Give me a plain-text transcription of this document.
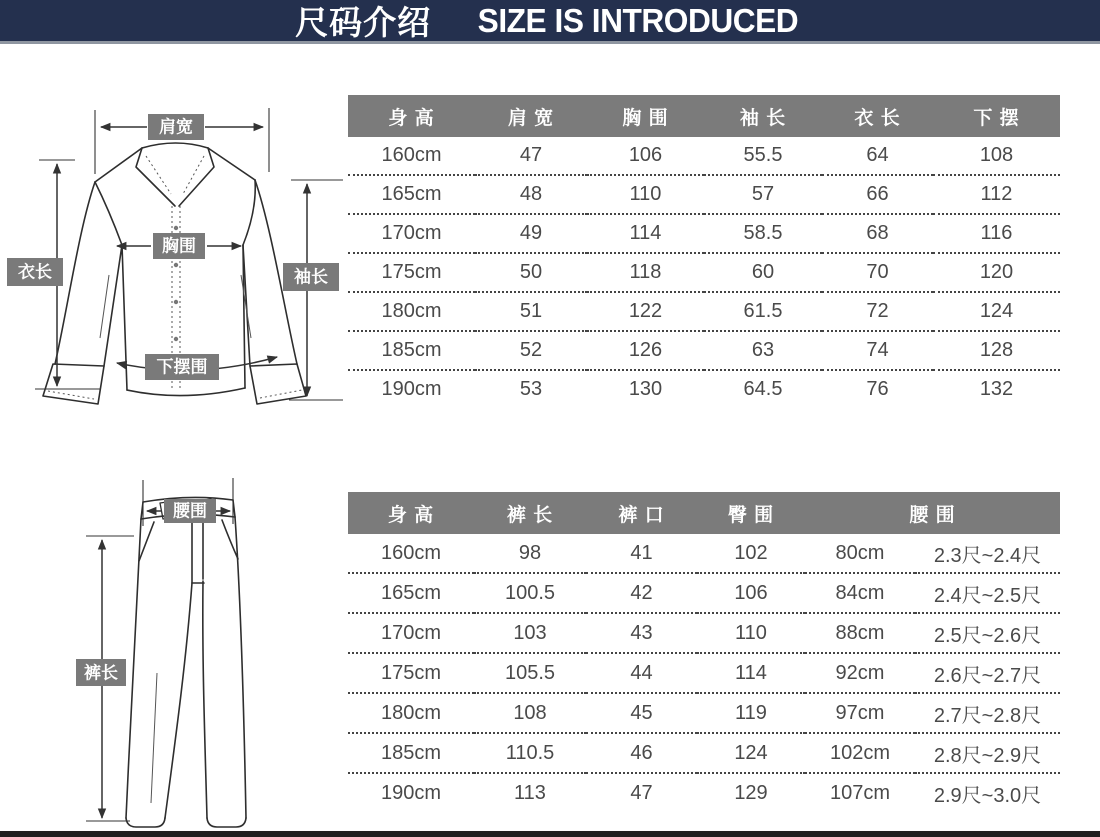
尺码介绍 SIZE IS INTRODUCED
肩宽
衣长
胸围
袖长
下摆围
身 高	肩 宽	胸 围	袖 长	衣 长	下 摆
160cm	47	106	55.5	64	108
165cm	48	110	57	66	112
170cm	49	114	58.5	68	116
175cm	50	118	60	70	120
180cm	51	122	61.5	72	124
185cm	52	126	63	74	128
190cm	53	130	64.5	76	132
腰围
裤长
身 高	裤 长	裤 口	臀 围	腰 围	
160cm	98	41	102	80cm	2.3尺~2.4尺
165cm	100.5	42	106	84cm	2.4尺~2.5尺
170cm	103	43	110	88cm	2.5尺~2.6尺
175cm	105.5	44	114	92cm	2.6尺~2.7尺
180cm	108	45	119	97cm	2.7尺~2.8尺
185cm	110.5	46	124	102cm	2.8尺~2.9尺
190cm	113	47	129	107cm	2.9尺~3.0尺
